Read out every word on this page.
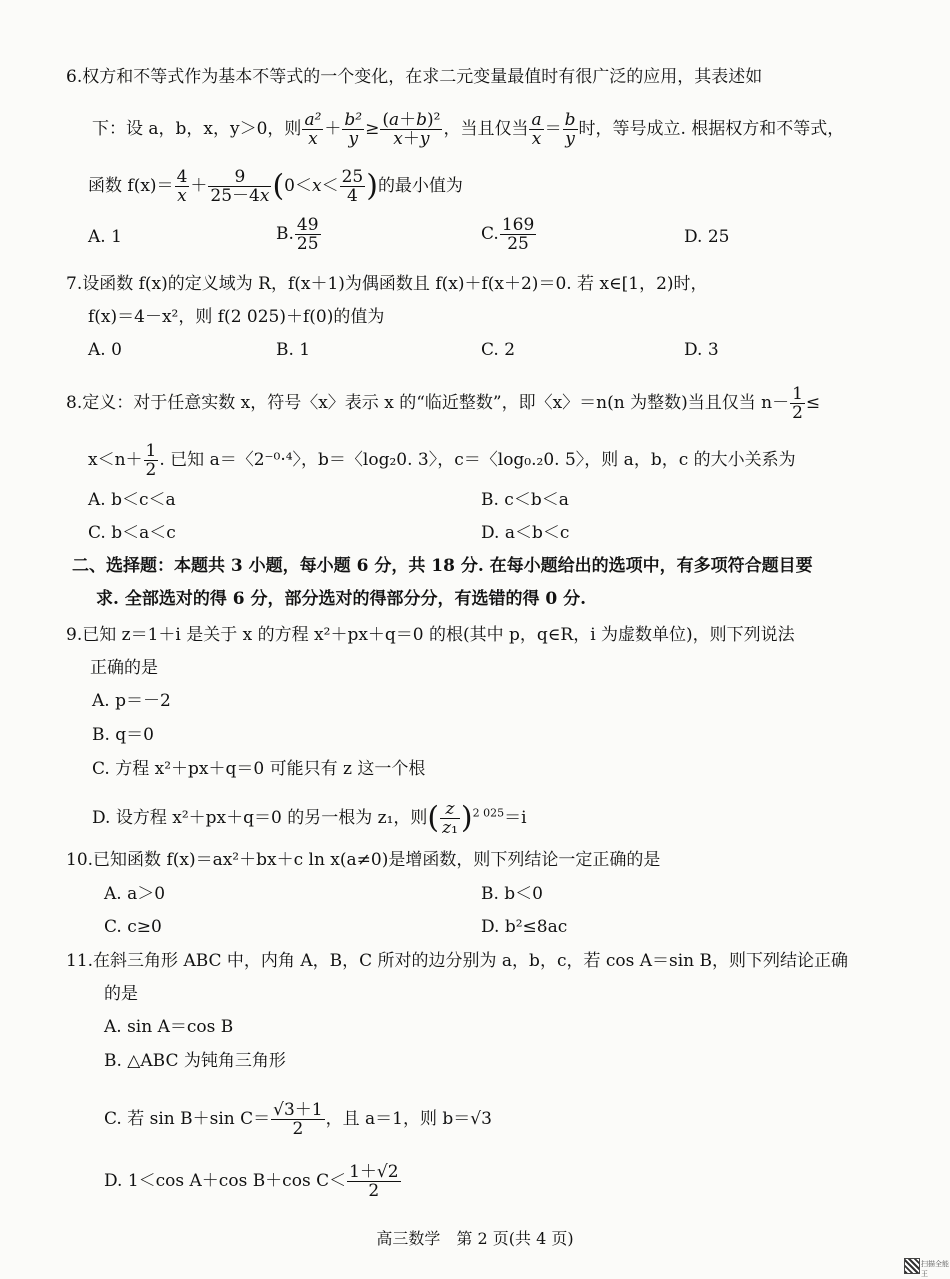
6.权方和不等式作为基本不等式的一个变化，在求二元变量最值时有很广泛的应用，其表述如
下：设 a，b，x，y＞0，则 $\frac{\text{a²}}{x} + \frac{\text{b²}}{y} \ge \frac{\text{(a＋b)²}}{x+y}$ ，当且仅当 $\frac{a}{x} = \frac{b}{y}$ 时，等号成立. 根据权方和不等式，
函数 $f(x)= \frac{4}{x} + \frac{9}{25-4x} (0<x< \frac{25}{4}$ )的最小值为
A. 1	B. $\frac{49}{25}$	C. $\frac{169}{25}$	D. 25
7.设函数 f(x)的定义域为 R，f(x＋1)为偶函数且 f(x)＋f(x＋2)＝0. 若 x∈[1，2)时，
f(x)＝4－x²，则 f(2 025)＋f(0)的值为
A. 0	B. 1	C. 2	D. 3
8.定义：对于任意实数 x，符号〈x〉表示 x 的“临近整数”，即〈x〉＝n(n 为整数)当且仅当 $n- \frac{1}{2}$ ≤
$x<n+ \frac{1}{2}$ . 已知 a＝〈2⁻⁰·⁴〉，b＝〈log₂0. 3〉，c＝〈log₀.₂0. 5〉，则 a，b，c 的大小关系为
A. b＜c＜a	B. c＜b＜a
C. b＜a＜c	D. a＜b＜c
二、选择题：本题共 3 小题，每小题 6 分，共 18 分. 在每小题给出的选项中，有多项符合题目要
求. 全部选对的得 6 分，部分选对的得部分分，有选错的得 0 分.
9.已知 z＝1＋i 是关于 x 的方程 x²＋px＋q＝0 的根(其中 p，q∈R，i 为虚数单位)，则下列说法
正确的是
A. p＝－2
B. q＝0
C. 方程 x²＋px＋q＝0 可能只有 z 这一个根
D. 设方程 x²＋px＋q＝0 的另一根为 z₁，则( $\frac{z}{\text{z₁}} )^{2 025}=i$
10.已知函数 f(x)＝ax²＋bx＋c ln x(a≠0)是增函数，则下列结论一定正确的是
A. a＞0	B. b＜0
C. c≥0	D. b²≤8ac
11.在斜三角形 ABC 中，内角 A，B，C 所对的边分别为 a，b，c，若 cos A＝sin B，则下列结论正确
的是
A. sin A＝cos B
B. △ABC 为钝角三角形
C. 若 sin B＋sin $C= \frac{√3+1}{2}$ ，且 a＝1，则 b＝√3
D. 1＜cos A＋cos B＋cos $C< \frac{1+√2}{2}$
高三数学　第 2 页(共 4 页)
扫描全能王
